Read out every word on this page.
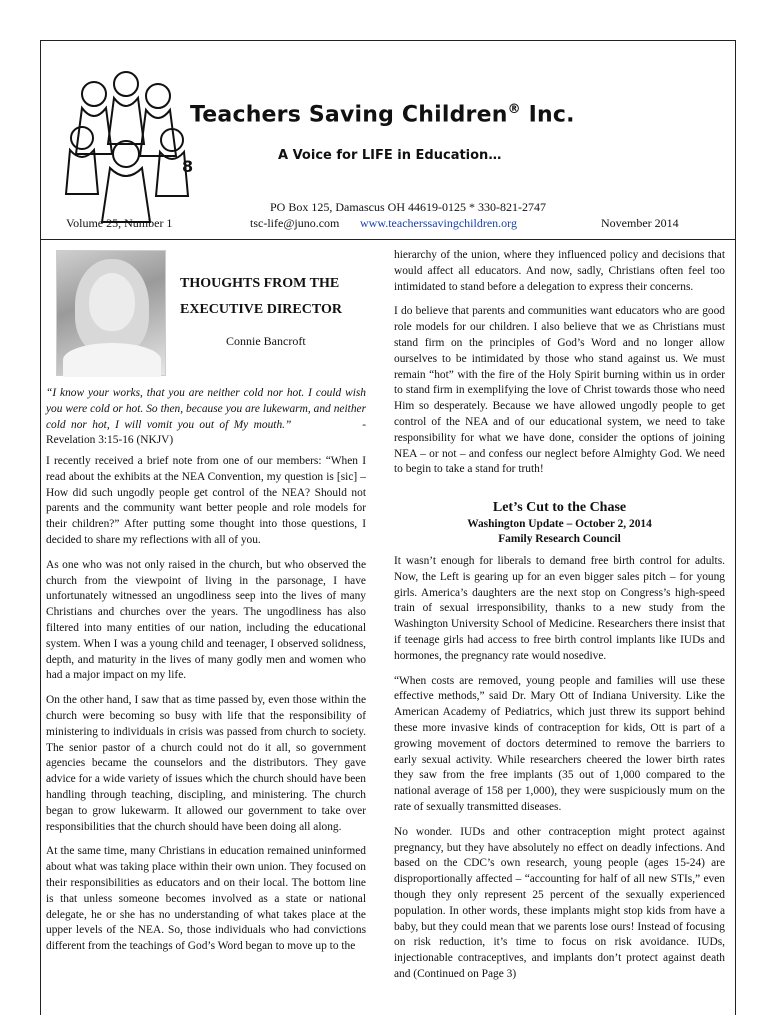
8
Teachers Saving Children® Inc.
A Voice for LIFE in Education…
PO Box 125, Damascus OH 44619-0125 * 330-821-2747
Volume 25, Number 1	tsc-life@juno.com www.teacherssavingchildren.org	November 2014
THOUGHTS FROM THE
EXECUTIVE DIRECTOR
Connie Bancroft
“I know your works, that you are neither cold nor hot. I could wish you were cold or hot. So then, because you are lukewarm, and neither cold nor hot, I will vomit you out of My mouth.”	-Revelation 3:15-16 (NKJV)

I recently received a brief note from one of our members: “When I read about the exhibits at the NEA Convention, my question is [sic] – How did such ungodly people get control of the NEA? Should not parents and the community want better people and role models for their children?” After putting some thought into those questions, I decided to share my reflections with all of you.

As one who was not only raised in the church, but who observed the church from the viewpoint of living in the parsonage, I have unfortunately witnessed an ungodliness seep into the lives of many Christians and churches over the years. The ungodliness has also filtered into many entities of our nation, including the educational system. When I was a young child and teenager, I observed solidness, depth, and maturity in the lives of many godly men and women who had a major impact on my life.

On the other hand, I saw that as time passed by, even those within the church were becoming so busy with life that the responsibility of ministering to individuals in crisis was passed from church to society. The senior pastor of a church could not do it all, so government agencies became the counselors and the distributors. They gave advice for a wide variety of issues which the church should have been handling through teaching, discipling, and ministering. The church began to grow lukewarm. It allowed our government to take over responsibilities that the church should have been doing all along.

At the same time, many Christians in education remained uninformed about what was taking place within their own union. They focused on their responsibilities as educators and on their local. The bottom line is that unless someone becomes involved as a state or national delegate, he or she has no understanding of what takes place at the upper levels of the NEA. So, those individuals who had convictions different from the teachings of God’s Word began to move up to the

hierarchy of the union, where they influenced policy and decisions that would affect all educators. And now, sadly, Christians often feel too intimidated to stand before a delegation to express their concerns.

I do believe that parents and communities want educators who are good role models for our children. I also believe that we as Christians must stand firm on the principles of God’s Word and no longer allow ourselves to be intimidated by those who stand against us. We must remain “hot” with the fire of the Holy Spirit burning within us in order to stand firm in exemplifying the love of Christ towards those who need Him so desperately. Because we have allowed ungodly people to get control of the NEA and of our educational system, we need to take responsibility for what we have done, consider the options of joining NEA – or not – and confess our neglect before Almighty God. We need to begin to take a stand for truth!

Let’s Cut to the Chase
Washington Update – October 2, 2014
Family Research Council

It wasn’t enough for liberals to demand free birth control for adults. Now, the Left is gearing up for an even bigger sales pitch – for young girls. America’s daughters are the next stop on Congress’s high-speed train of sexual irresponsibility, thanks to a new study from the Washington University School of Medicine. Researchers there insist that if teenage girls had access to free birth control implants like IUDs and hormones, the pregnancy rate would nosedive.

“When costs are removed, young people and families will use these effective methods,” said Dr. Mary Ott of Indiana University. Like the American Academy of Pediatrics, which just threw its support behind these more invasive kinds of contraception for kids, Ott is part of a growing movement of doctors determined to remove the barriers to early sexual activity. While researchers cheered the lower birth rates they saw from the free implants (35 out of 1,000 compared to the national average of 158 per 1,000), they were suspiciously mum on the rate of sexually transmitted diseases.

No wonder. IUDs and other contraception might protect against pregnancy, but they have absolutely no effect on deadly infections. And based on the CDC’s own research, young people (ages 15-24) are disproportionally affected – “accounting for half of all new STIs,” even though they only represent 25 percent of the sexually experienced population. In other words, these implants might stop kids from have a baby, but they could mean that we parents lose ours! Instead of focusing on risk reduction, it’s time to focus on risk avoidance. IUDs, injectionable contraceptives, and implants don’t protect against death and (Continued on Page 3)
